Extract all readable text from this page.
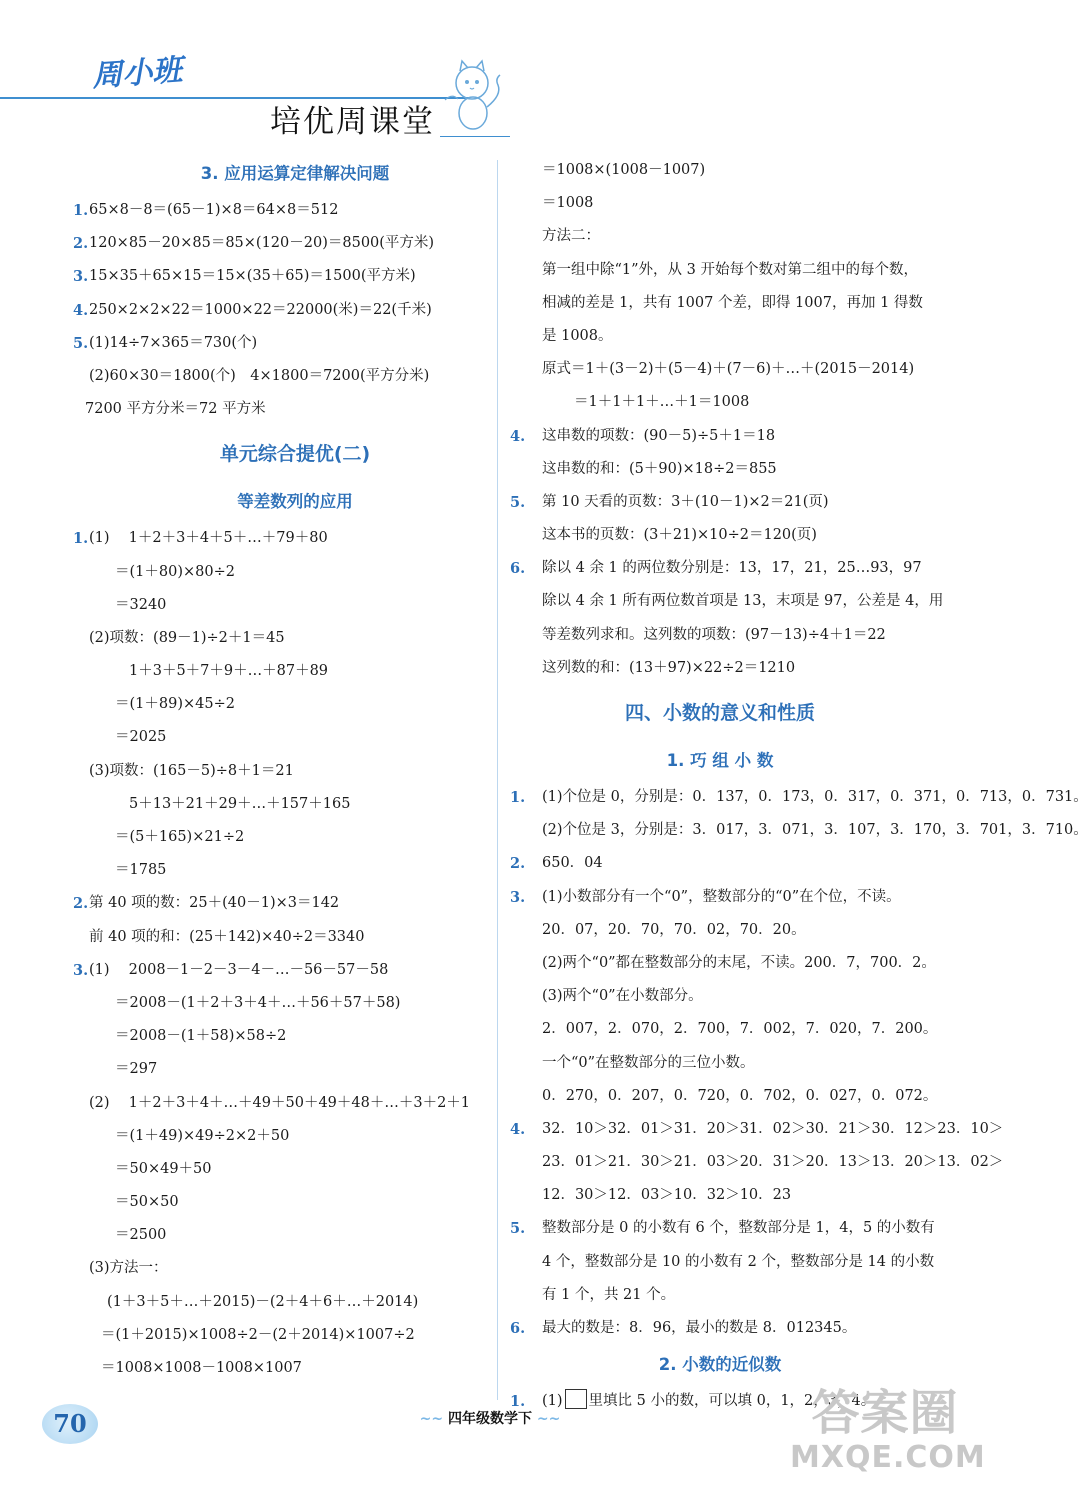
周小班
培优周课堂
3. 应用运算定律解决问题
1. 65×8－8＝(65－1)×8＝64×8＝512
2. 120×85－20×85＝85×(120－20)＝8500(平方米)
3. 15×35＋65×15＝15×(35＋65)＝1500(平方米)
4. 250×2×2×22＝1000×22＝22000(米)＝22(千米)
5. (1)14÷7×365＝730(个)
(2)60×30＝1800(个)　4×1800＝7200(平方分米)
7200 平方分米＝72 平方米
单元综合提优(二)
等差数列的应用
1. (1)　 1＋2＋3＋4＋5＋…＋79＋80
＝(1＋80)×80÷2
＝3240
(2)项数：(89－1)÷2＋1＝45
1＋3＋5＋7＋9＋…＋87＋89
＝(1＋89)×45÷2
＝2025
(3)项数：(165－5)÷8＋1＝21
5＋13＋21＋29＋…＋157＋165
＝(5＋165)×21÷2
＝1785
2. 第 40 项的数：25＋(40－1)×3＝142
前 40 项的和：(25＋142)×40÷2＝3340
3. (1)　 2008－1－2－3－4－…－56－57－58
＝2008－(1＋2＋3＋4＋…＋56＋57＋58)
＝2008－(1＋58)×58÷2
＝297
(2)　 1＋2＋3＋4＋…＋49＋50＋49＋48＋…＋3＋2＋1
＝(1＋49)×49÷2×2＋50
＝50×49＋50
＝50×50
＝2500
(3)方法一：
(1＋3＋5＋…＋2015)－(2＋4＋6＋…＋2014)
＝(1＋2015)×1008÷2－(2＋2014)×1007÷2
＝1008×1008－1008×1007
＝1008×(1008－1007)
＝1008
方法二：
第一组中除“1”外，从 3 开始每个数对第二组中的每个数，
相减的差是 1，共有 1007 个差，即得 1007，再加 1 得数
是 1008。
原式＝1＋(3－2)＋(5－4)＋(7－6)＋…＋(2015－2014)
＝1＋1＋1＋…＋1＝1008
4. 这串数的项数：(90－5)÷5＋1＝18
这串数的和：(5＋90)×18÷2＝855
5. 第 10 天看的页数：3＋(10－1)×2＝21(页)
这本书的页数：(3＋21)×10÷2＝120(页)
6. 除以 4 余 1 的两位数分别是：13，17，21，25…93，97
除以 4 余 1 所有两位数首项是 13，末项是 97，公差是 4，用
等差数列求和。这列数的项数：(97－13)÷4＋1＝22
这列数的和：(13＋97)×22÷2＝1210
四、小数的意义和性质
1. 巧 组 小 数
1. (1)个位是 0，分别是：0．137，0．173，0．317，0．371，0．713，0．731。
(2)个位是 3，分别是：3．017，3．071，3．107，3．170，3．701，3．710。
2. 650．04
3. (1)小数部分有一个“0”，整数部分的“0”在个位，不读。
20．07，20．70，70．02，70．20。
(2)两个“0”都在整数部分的末尾，不读。200．7，700．2。
(3)两个“0”在小数部分。
2．007，2．070，2．700，7．002，7．020，7．200。
一个“0”在整数部分的三位小数。
0．270，0．207，0．720，0．702，0．027，0．072。
4. 32．10＞32．01＞31．20＞31．02＞30．21＞30．12＞23．10＞
23．01＞21．30＞21．03＞20．31＞20．13＞13．20＞13．02＞
12．30＞12．03＞10．32＞10．23
5. 整数部分是 0 的小数有 6 个，整数部分是 1，4，5 的小数有
4 个，整数部分是 10 的小数有 2 个，整数部分是 14 的小数
有 1 个，共 21 个。
6. 最大的数是：8．96，最小的数是 8．012345。
2. 小数的近似数
1. (1) 里填比 5 小的数，可以填 0，1，2，3，4。
70	~~ 四年级数学下 ~~	答案圈
MXQE.COM
